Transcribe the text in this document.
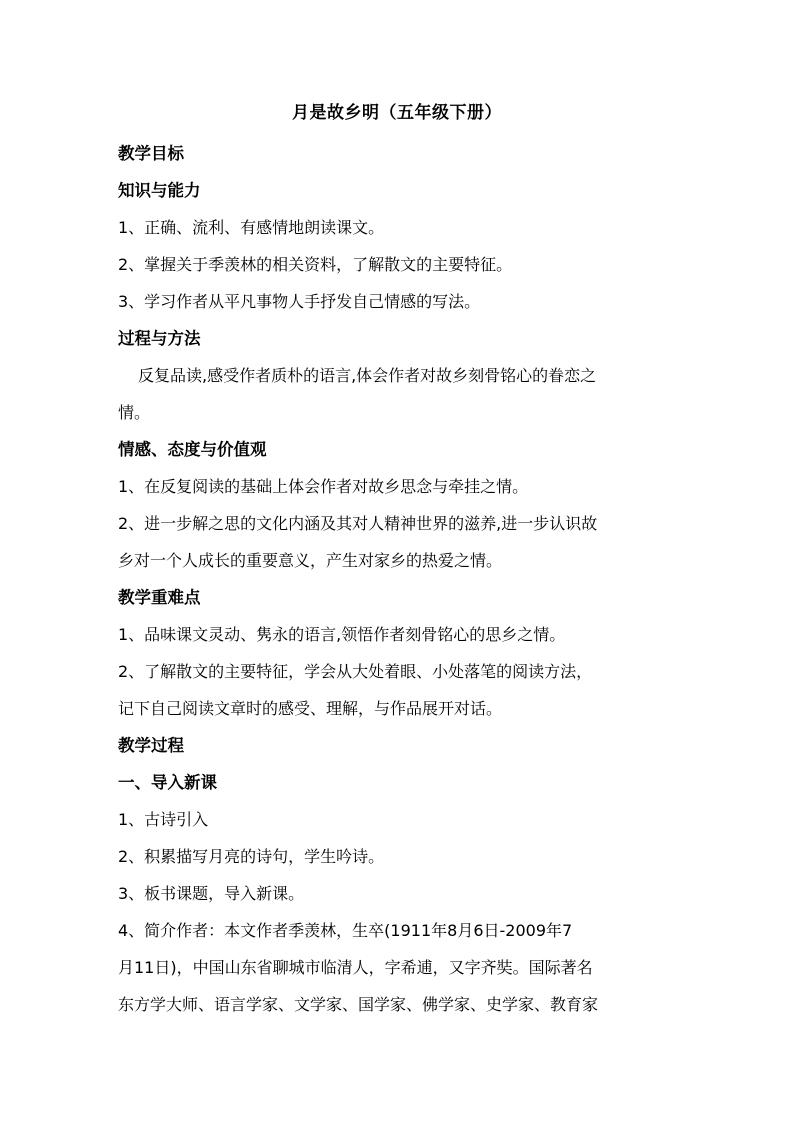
月是故乡明（五年级下册）
教学目标
知识与能力
1、正确、流利、有感情地朗读课文。
2、掌握关于季羡林的相关资料，了解散文的主要特征。
3、学习作者从平凡事物人手抒发自己情感的写法。
过程与方法
反复品读,感受作者质朴的语言,体会作者对故乡刻骨铭心的眷恋之
情。
情感、态度与价值观
1、在反复阅读的基础上体会作者对故乡思念与牵挂之情。
2、进一步解之思的文化内涵及其对人精神世界的滋养,进一步认识故
乡对一个人成长的重要意义，产生对家乡的热爱之情。
教学重难点
1、品味课文灵动、隽永的语言,领悟作者刻骨铭心的思乡之情。
2、了解散文的主要特征，学会从大处着眼、小处落笔的阅读方法，
记下自己阅读文章时的感受、理解，与作品展开对话。
教学过程
一、导入新课
1、古诗引入
2、积累描写月亮的诗句，学生吟诗。
3、板书课题，导入新课。
4、简介作者：本文作者季羡林，生卒(1911年8月6日-2009年7
月11日)，中国山东省聊城市临清人，字希逋，又字齐奘。国际著名
东方学大师、语言学家、文学家、国学家、佛学家、史学家、教育家
